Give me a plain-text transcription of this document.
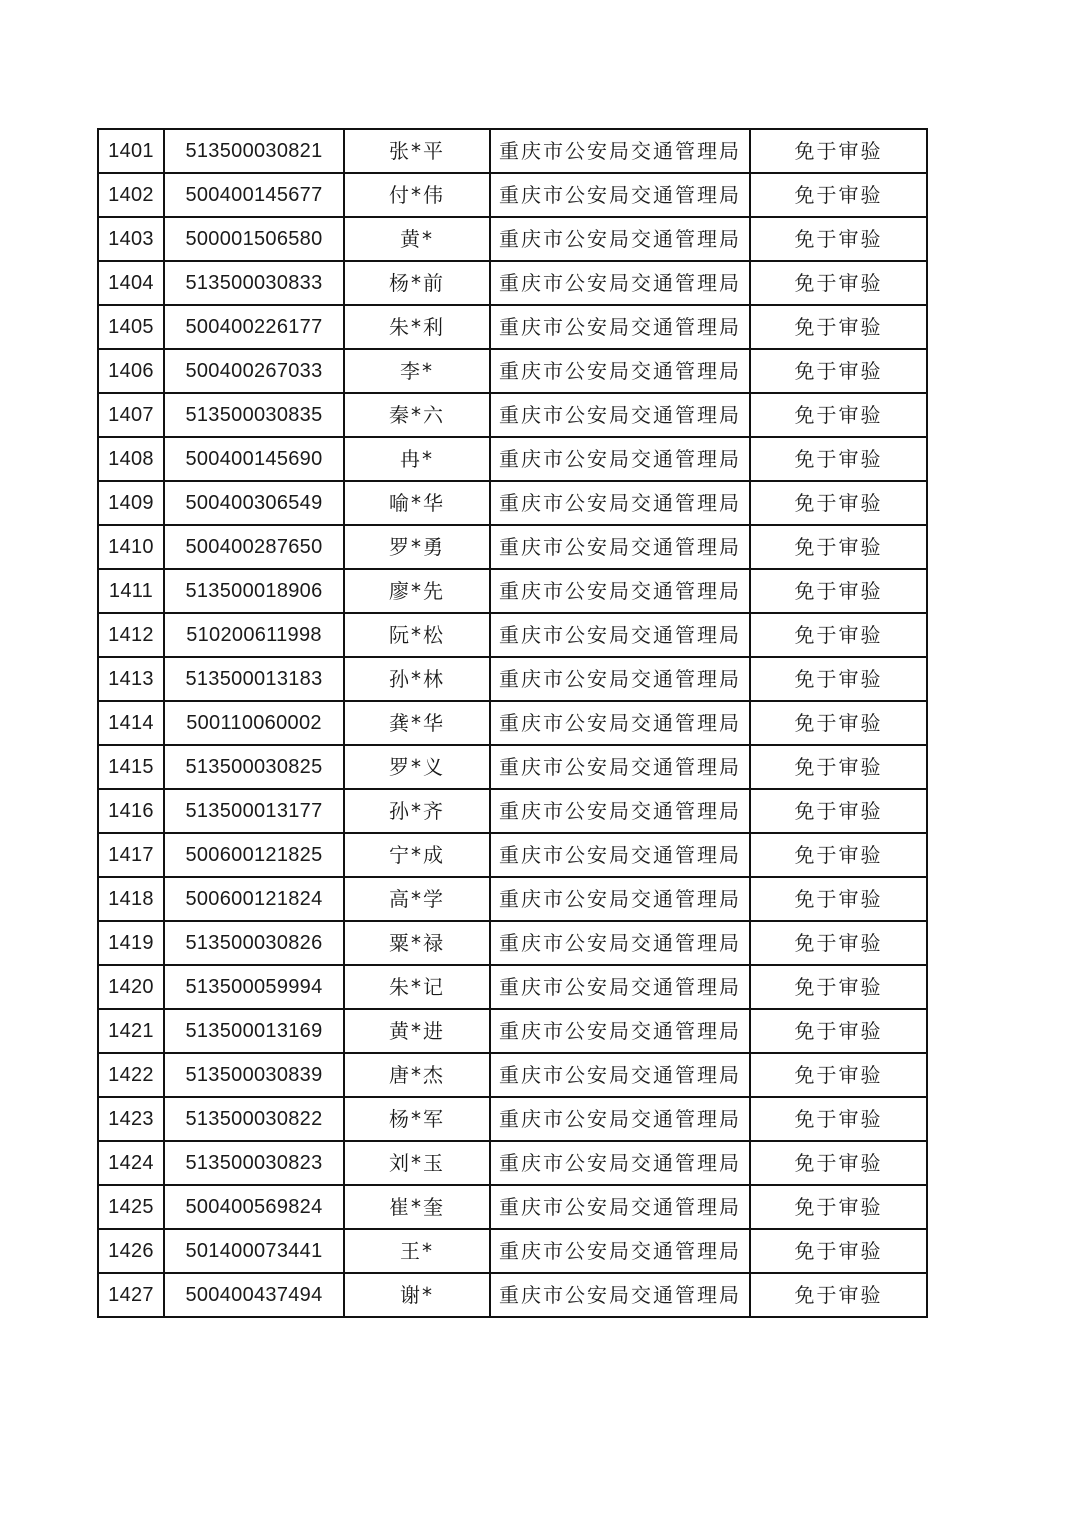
1401	513500030821	张*平	重庆市公安局交通管理局	免于审验
1402	500400145677	付*伟	重庆市公安局交通管理局	免于审验
1403	500001506580	黄*	重庆市公安局交通管理局	免于审验
1404	513500030833	杨*前	重庆市公安局交通管理局	免于审验
1405	500400226177	朱*利	重庆市公安局交通管理局	免于审验
1406	500400267033	李*	重庆市公安局交通管理局	免于审验
1407	513500030835	秦*六	重庆市公安局交通管理局	免于审验
1408	500400145690	冉*	重庆市公安局交通管理局	免于审验
1409	500400306549	喻*华	重庆市公安局交通管理局	免于审验
1410	500400287650	罗*勇	重庆市公安局交通管理局	免于审验
1411	513500018906	廖*先	重庆市公安局交通管理局	免于审验
1412	510200611998	阮*松	重庆市公安局交通管理局	免于审验
1413	513500013183	孙*林	重庆市公安局交通管理局	免于审验
1414	500110060002	龚*华	重庆市公安局交通管理局	免于审验
1415	513500030825	罗*义	重庆市公安局交通管理局	免于审验
1416	513500013177	孙*齐	重庆市公安局交通管理局	免于审验
1417	500600121825	宁*成	重庆市公安局交通管理局	免于审验
1418	500600121824	高*学	重庆市公安局交通管理局	免于审验
1419	513500030826	粟*禄	重庆市公安局交通管理局	免于审验
1420	513500059994	朱*记	重庆市公安局交通管理局	免于审验
1421	513500013169	黄*进	重庆市公安局交通管理局	免于审验
1422	513500030839	唐*杰	重庆市公安局交通管理局	免于审验
1423	513500030822	杨*军	重庆市公安局交通管理局	免于审验
1424	513500030823	刘*玉	重庆市公安局交通管理局	免于审验
1425	500400569824	崔*奎	重庆市公安局交通管理局	免于审验
1426	501400073441	王*	重庆市公安局交通管理局	免于审验
1427	500400437494	谢*	重庆市公安局交通管理局	免于审验
